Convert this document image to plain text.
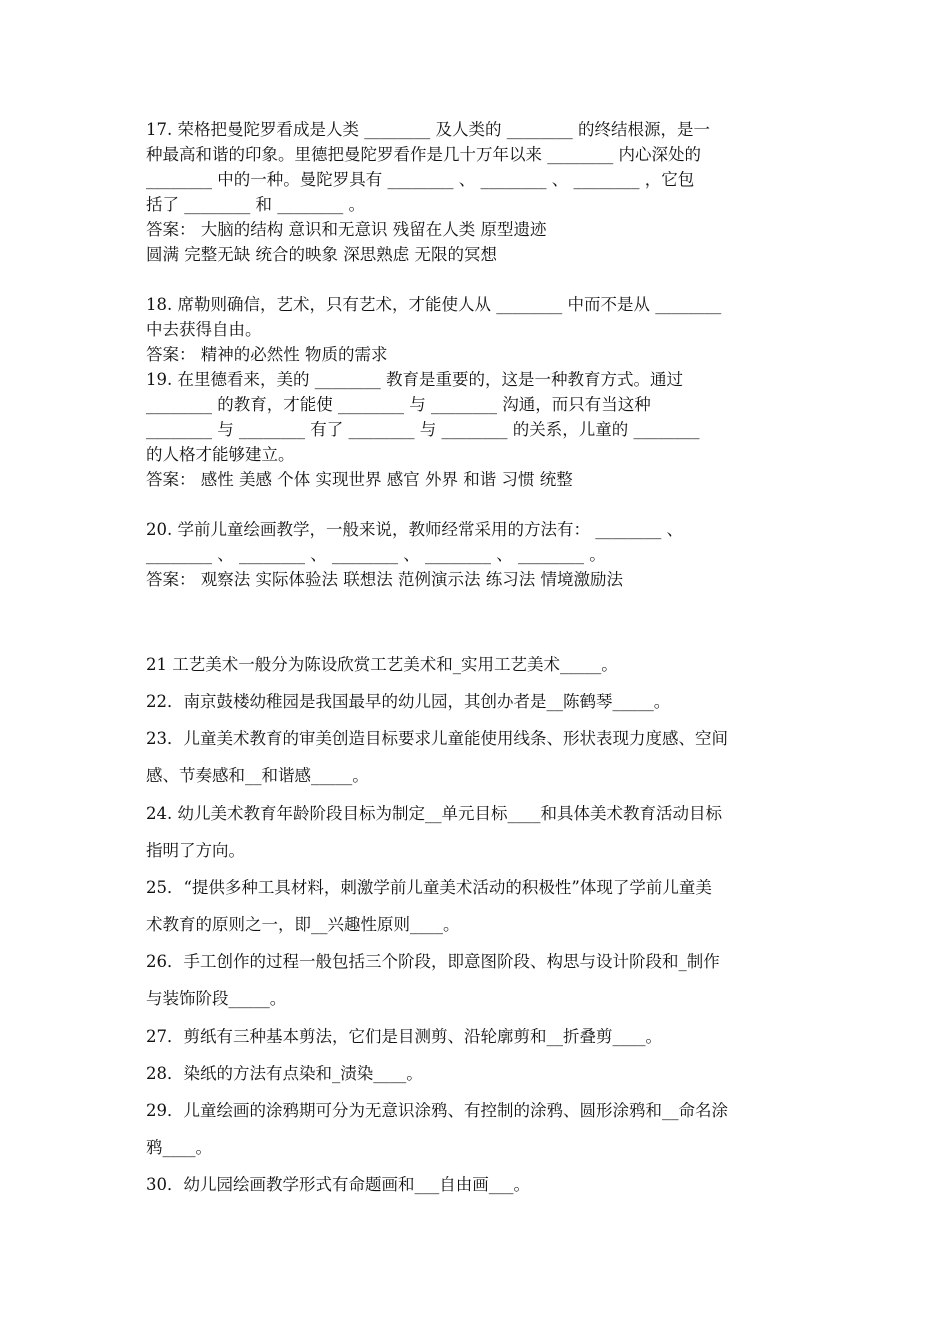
17. 荣格把曼陀罗看成是人类 ________ 及人类的 ________ 的终结根源，是一
种最高和谐的印象。里德把曼陀罗看作是几十万年以来 ________ 内心深处的
________ 中的一种。曼陀罗具有 ________ 、 ________ 、 ________ ，它包
括了 ________ 和 ________ 。
答案： 大脑的结构 意识和无意识 残留在人类 原型遗迹
圆满 完整无缺 统合的映象 深思熟虑 无限的冥想
18. 席勒则确信，艺术，只有艺术，才能使人从 ________ 中而不是从 ________
中去获得自由。
答案： 精神的必然性 物质的需求
19. 在里德看来，美的 ________ 教育是重要的，这是一种教育方式。通过
________ 的教育，才能使 ________ 与 ________ 沟通，而只有当这种
________ 与 ________ 有了 ________ 与 ________ 的关系，儿童的 ________
的人格才能够建立。
答案： 感性 美感 个体 实现世界 感官 外界 和谐 习惯 统整
20. 学前儿童绘画教学，一般来说，教师经常采用的方法有： ________ 、
________ 、 ________ 、 ________ 、 ________ 、 ________ 。
答案： 观察法 实际体验法 联想法 范例演示法 练习法 情境激励法
21 工艺美术一般分为陈设欣赏工艺美术和_实用工艺美术_____。
22．南京鼓楼幼稚园是我国最早的幼儿园，其创办者是__陈鹤琴_____。
23．儿童美术教育的审美创造目标要求儿童能使用线条、形状表现力度感、空间
感、节奏感和__和谐感_____。
24. 幼儿美术教育年龄阶段目标为制定__单元目标____和具体美术教育活动目标
指明了方向。
25．“提供多种工具材料，刺激学前儿童美术活动的积极性”体现了学前儿童美
术教育的原则之一，即__兴趣性原则____。
26．手工创作的过程一般包括三个阶段，即意图阶段、构思与设计阶段和_制作
与装饰阶段_____。
27．剪纸有三种基本剪法，它们是目测剪、沿轮廓剪和__折叠剪____。
28．染纸的方法有点染和_渍染____。
29．儿童绘画的涂鸦期可分为无意识涂鸦、有控制的涂鸦、圆形涂鸦和__命名涂
鸦____。
30．幼儿园绘画教学形式有命题画和___自由画___。
